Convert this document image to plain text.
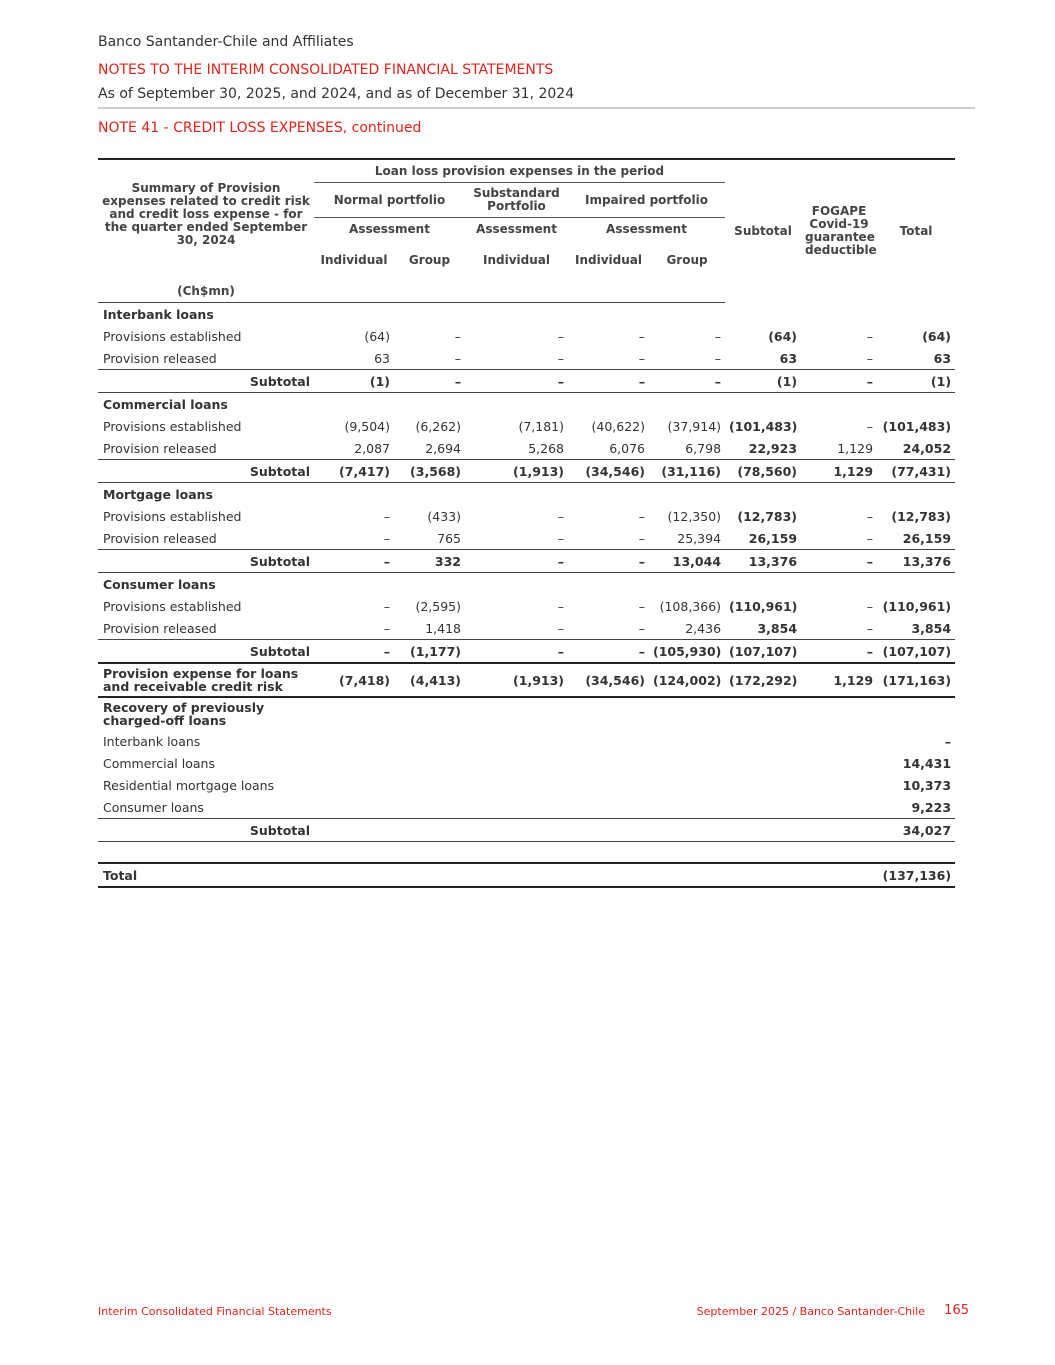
Banco Santander-Chile and Affiliates
NOTES TO THE INTERIM CONSOLIDATED FINANCIAL STATEMENTS
As of September 30, 2025, and 2024, and as of December 31, 2024
NOTE 41 - CREDIT LOSS EXPENSES, continued
Summary of Provision expenses related to credit risk and credit loss expense - for the quarter ended September 30, 2024	Loan loss provision expenses in the period					Subtotal	FOGAPE Covid-19 guarantee deductible	Total
	Normal portfolio		Substandard Portfolio	Impaired portfolio				
	Assessment		Assessment	Assessment				
	Individual	Group	Individual	Individual	Group			
(Ch$mn)								
Interbank loans								
Provisions established	(64)	–	–	–	–	(64)	–	(64)
Provision released	63	–	–	–	–	63	–	63
Subtotal	(1)	–	–	–	–	(1)	–	(1)
Commercial loans								
Provisions established	(9,504)	(6,262)	(7,181)	(40,622)	(37,914)	(101,483)	–	(101,483)
Provision released	2,087	2,694	5,268	6,076	6,798	22,923	1,129	24,052
Subtotal	(7,417)	(3,568)	(1,913)	(34,546)	(31,116)	(78,560)	1,129	(77,431)
Mortgage loans								
Provisions established	–	(433)	–	–	(12,350)	(12,783)	–	(12,783)
Provision released	–	765	–	–	25,394	26,159	–	26,159
Subtotal	–	332	–	–	13,044	13,376	–	13,376
Consumer loans								
Provisions established	–	(2,595)	–	–	(108,366)	(110,961)	–	(110,961)
Provision released	–	1,418	–	–	2,436	3,854	–	3,854
Subtotal	–	(1,177)	–	–	(105,930)	(107,107)	–	(107,107)
Provision expense for loans and receivable credit risk	(7,418)	(4,413)	(1,913)	(34,546)	(124,002)	(172,292)	1,129	(171,163)
Recovery of previously charged-off loans								
Interbank loans								–
Commercial loans								14,431
Residential mortgage loans								10,373
Consumer loans								9,223
Subtotal								34,027

Total								(137,136)
Interim Consolidated Financial Statements	September 2025 / Banco Santander-Chile 165
